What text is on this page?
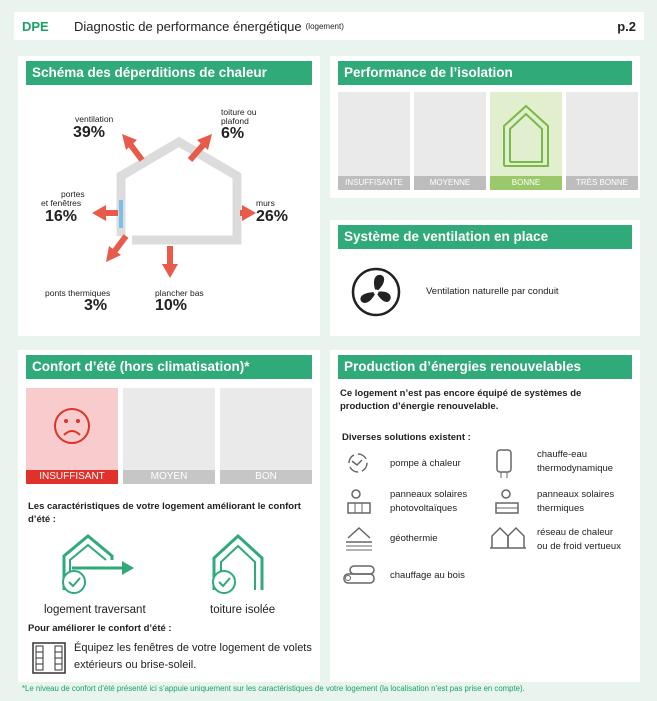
DPE	Diagnostic de performance énergétique (logement)	p.2
Schéma des déperditions de chaleur
ventilation
39%
toiture ou
plafond
6%
portes
et fenêtres
16%
murs
26%
ponts thermiques
3%
plancher bas
10%
Performance de l’isolation
INSUFFISANTE	MOYENNE	BONNE	TRÈS BONNE
Système de ventilation en place
Ventilation naturelle par conduit
Confort d’été (hors climatisation)*
INSUFFISANT	MOYEN	BON
Les caractéristiques de votre logement améliorant le confort d’été :
logement traversant	toiture isolée
Pour améliorer le confort d’été :
Équipez les fenêtres de votre logement de volets extérieurs ou brise-soleil.
Production d’énergies renouvelables
Ce logement n’est pas encore équipé de systèmes de production d’énergie renouvelable.
Diverses solutions existent :
pompe à chaleur
chauffe-eau
thermodynamique
panneaux solaires
photovoltaïques
panneaux solaires
thermiques
géothermie
réseau de chaleur
ou de froid vertueux
chauffage au bois
*Le niveau de confort d’été présenté ici s’appuie uniquement sur les caractéristiques de votre logement (la localisation n’est pas prise en compte).
